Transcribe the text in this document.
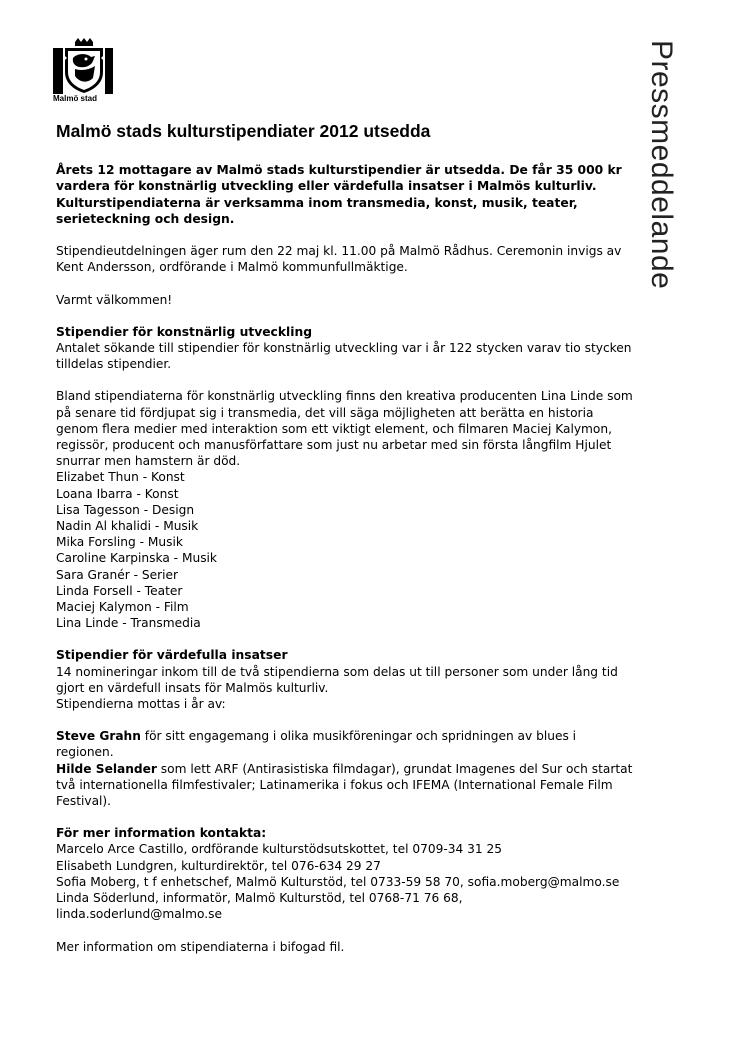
Malmö stad	Pressmeddelande
Malmö stads kulturstipendiater 2012 utsedda

Årets 12 mottagare av Malmö stads kulturstipendier är utsedda. De får 35 000 kr vardera för konstnärlig utveckling eller värdefulla insatser i Malmös kulturliv. Kulturstipendiaterna är verksamma inom transmedia, konst, musik, teater, serieteckning och design.

Stipendieutdelningen äger rum den 22 maj kl. 11.00 på Malmö Rådhus. Ceremonin invigs av Kent Andersson, ordförande i Malmö kommunfullmäktige.

Varmt välkommen!

Stipendier för konstnärlig utveckling

Antalet sökande till stipendier för konstnärlig utveckling var i år 122 stycken varav tio stycken tilldelas stipendier.

Bland stipendiaterna för konstnärlig utveckling finns den kreativa producenten Lina Linde som på senare tid fördjupat sig i transmedia, det vill säga möjligheten att berätta en historia genom flera medier med interaktion som ett viktigt element, och filmaren Maciej Kalymon, regissör, producent och manusförfattare som just nu arbetar med sin första långfilm Hjulet snurrar men hamstern är död.

Elizabet Thun - Konst
Loana Ibarra - Konst
Lisa Tagesson - Design
Nadin Al khalidi - Musik
Mika Forsling - Musik
Caroline Karpinska - Musik
Sara Granér - Serier
Linda Forsell - Teater
Maciej Kalymon - Film
Lina Linde - Transmedia
Stipendier för värdefulla insatser

14 nomineringar inkom till de två stipendierna som delas ut till personer som under lång tid gjort en värdefull insats för Malmös kulturliv.

Stipendierna mottas i år av:

Steve Grahn för sitt engagemang i olika musikföreningar och spridningen av blues i regionen.

Hilde Selander som lett ARF (Antirasistiska filmdagar), grundat Imagenes del Sur och startat två internationella filmfestivaler; Latinamerika i fokus och IFEMA (International Female Film Festival).

För mer information kontakta:
Marcelo Arce Castillo, ordförande kulturstödsutskottet, tel 0709-34 31 25
Elisabeth Lundgren, kulturdirektör, tel 076-634 29 27
Sofia Moberg, t f enhetschef, Malmö Kulturstöd, tel 0733-59 58 70, sofia.moberg@malmo.se
Linda Söderlund, informatör, Malmö Kulturstöd, tel 0768-71 76 68,
linda.soderlund@malmo.se

Mer information om stipendiaterna i bifogad fil.
